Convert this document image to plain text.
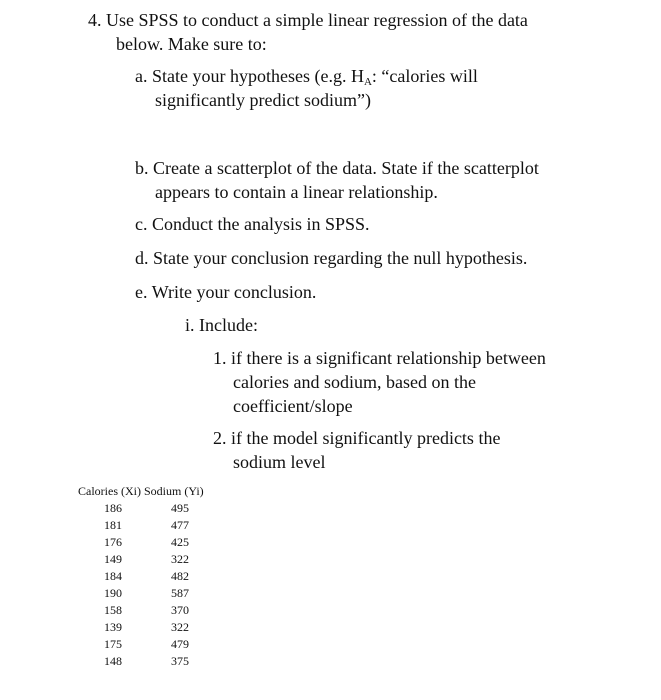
4. Use SPSS to conduct a simple linear regression of the data
below. Make sure to:
a. State your hypotheses (e.g. $H_A$: “calories will
significantly predict sodium”)
b. Create a scatterplot of the data. State if the scatterplot
appears to contain a linear relationship.
c. Conduct the analysis in SPSS.
d. State your conclusion regarding the null hypothesis.
e. Write your conclusion.
i. Include:
1. if there is a significant relationship between
calories and sodium, based on the
coefficient/slope
2. if the model significantly predicts the
sodium level
Calories (Xi) Sodium (Yi)
186	495
181	477
176	425
149	322
184	482
190	587
158	370
139	322
175	479
148	375
